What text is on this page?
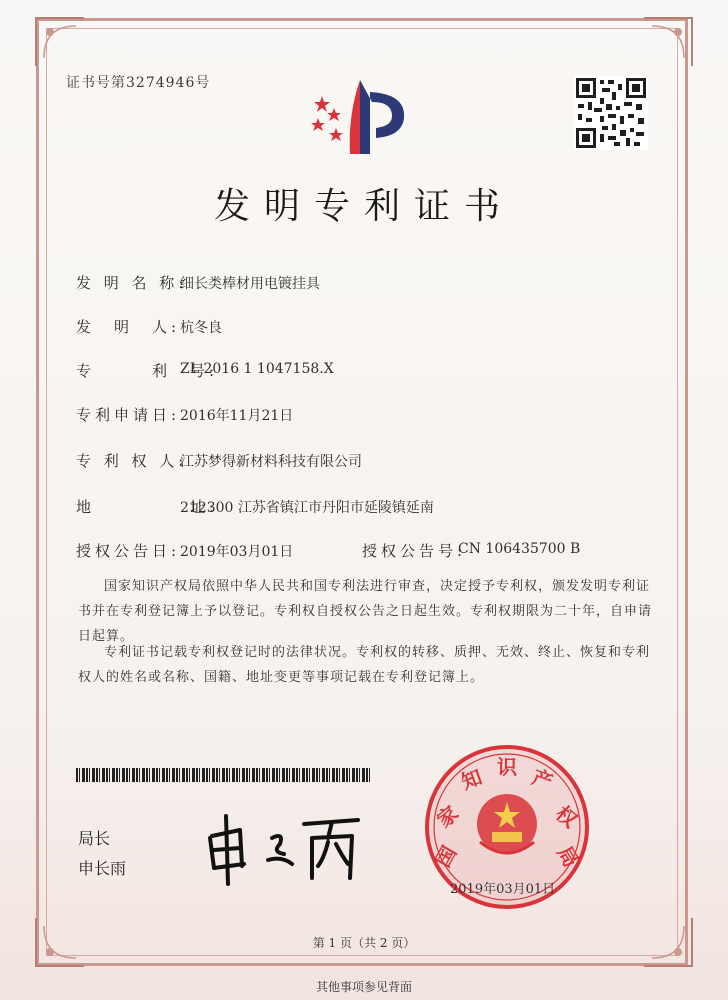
证书号第3274946号
发明专利证书
发 明 名 称:
细长类棒材用电镀挂具
发　明　人: 杭冬良
专　　　利　号:
ZL 2016 1 1047158.X
专利申请日: 2016年11月21日
专 利 权 人:
江苏梦得新材料科技有限公司
地　　　　　址:
212300 江苏省镇江市丹阳市延陵镇延南
授权公告日: 2019年03月01日	授权公告号:
CN 106435700 B
国家知识产权局依照中华人民共和国专利法进行审查，决定授予专利权，颁发发明专利证书并在专利登记簿上予以登记。专利权自授权公告之日起生效。专利权期限为二十年，自申请日起算。
专利证书记载专利权登记时的法律状况。专利权的转移、质押、无效、终止、恢复和专利权人的姓名或名称、国籍、地址变更等事项记载在专利登记簿上。
局长
申长雨	国
家
知 识 产
权
局
2019年03月01日
第 1 页（共 2 页）
其他事项参见背面
